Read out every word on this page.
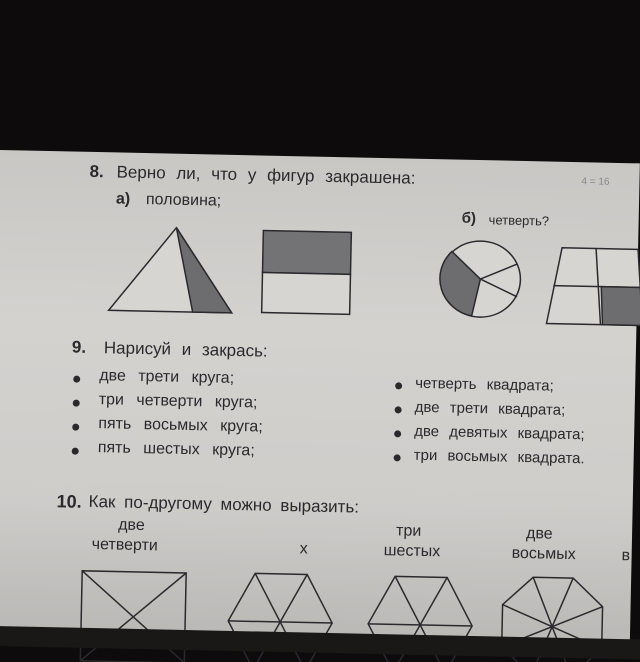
4 = 16
8. Верно ли, что у фигур закрашена:
а) половина;
б) четверть?
9. Нарисуй и закрась:
две трети круга;
три четверти круга;
пять восьмых круга;
пять шестых круга;
четверть квадрата;
две трети квадрата;
две девятых квадрата;
три восьмых квадрата.
10. Как по-другому можно выразить:
две
четверти	х
три
шестых
две
восьмых	в
